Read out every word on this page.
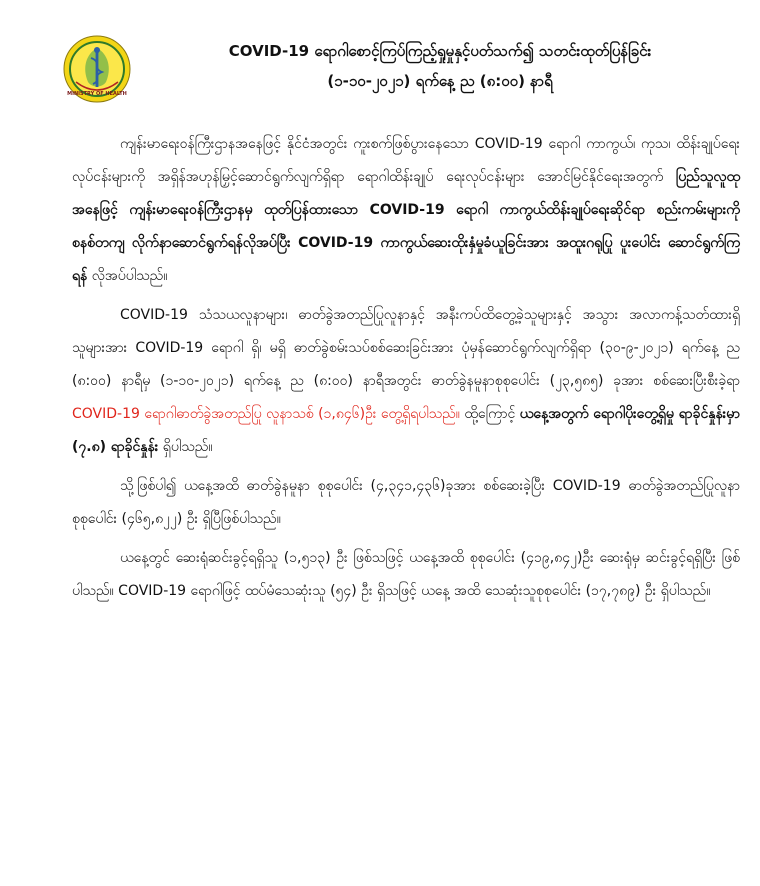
MINISTRY OF HEALTH
COVID-19 ရောဂါစောင့်ကြပ်ကြည့်ရှုမှုနှင့်ပတ်သက်၍ သတင်းထုတ်ပြန်ခြင်း
(၁-၁၀-၂၀၂၁) ရက်နေ့ ည (၈:၀၀) နာရီ

ကျန်းမာရေးဝန်ကြီးဌာနအနေဖြင့် နိုင်ငံအတွင်း ကူးစက်ဖြစ်ပွားနေသော COVID-19 ရောဂါ ကာကွယ်၊ ကုသ၊ ထိန်းချုပ်ရေးလုပ်ငန်းများကို အရှိန်အဟုန်မြှင့်ဆောင်ရွက်လျက်ရှိရာ ရောဂါထိန်းချုပ် ရေးလုပ်ငန်းများ အောင်မြင်နိုင်ရေးအတွက် ပြည်သူလူထုအနေဖြင့် ကျန်းမာရေးဝန်ကြီးဌာနမှ ထုတ်ပြန်ထားသော COVID-19 ရောဂါ ကာကွယ်ထိန်းချုပ်ရေးဆိုင်ရာ စည်းကမ်းများကို စနစ်တကျ လိုက်နာဆောင်ရွက်ရန်လိုအပ်ပြီး COVID-19 ကာကွယ်ဆေးထိုးနှံမှုခံယူခြင်းအား အထူးဂရုပြု ပူးပေါင်း ဆောင်ရွက်ကြရန် လိုအပ်ပါသည်။

COVID-19 သံသယလူနာများ၊ ဓာတ်ခွဲအတည်ပြုလူနာနှင့် အနီးကပ်ထိတွေ့ခဲ့သူများနှင့် အသွား အလာကန့်သတ်ထားရှိသူများအား COVID-19 ရောဂါ ရှိ၊ မရှိ ဓာတ်ခွဲစမ်းသပ်စစ်ဆေးခြင်းအား ပုံမှန်ဆောင်ရွက်လျက်ရှိရာ (၃၀-၉-၂၀၂၁) ရက်နေ့ ည (၈:၀၀) နာရီမှ (၁-၁၀-၂၀၂၁) ရက်နေ့ ည (၈:၀၀) နာရီအတွင်း ဓာတ်ခွဲနမူနာစုစုပေါင်း (၂၃,၅၈၅) ခုအား စစ်ဆေးပြီးစီးခဲ့ရာ COVID-19 ရောဂါဓာတ်ခွဲအတည်ပြု လူနာသစ် (၁,၈၄၆)ဦး တွေ့ရှိရပါသည်။ ထို့ကြောင့် ယနေ့အတွက် ရောဂါပိုးတွေ့ရှိမှု ရာခိုင်နှုန်းမှာ (၇.၈) ရာခိုင်နှုန်း ရှိပါသည်။

သို့ဖြစ်ပါ၍ ယနေ့အထိ ဓာတ်ခွဲနမူနာ စုစုပေါင်း (၄,၃၄၁,၄၃၆)ခုအား စစ်ဆေးခဲ့ပြီး COVID-19 ဓာတ်ခွဲအတည်ပြုလူနာ စုစုပေါင်း (၄၆၅,၈၂၂) ဦး ရှိပြီဖြစ်ပါသည်။

ယနေ့တွင် ဆေးရုံဆင်းခွင့်ရရှိသူ (၁,၅၁၃) ဦး ဖြစ်သဖြင့် ယနေ့အထိ စုစုပေါင်း (၄၁၉,၈၄၂)ဦး ဆေးရုံမှ ဆင်းခွင့်ရရှိပြီး ဖြစ်ပါသည်။ COVID-19 ရောဂါဖြင့် ထပ်မံသေဆုံးသူ (၅၄) ဦး ရှိသဖြင့် ယနေ့ အထိ သေဆုံးသူစုစုပေါင်း (၁၇,၇၈၉) ဦး ရှိပါသည်။
